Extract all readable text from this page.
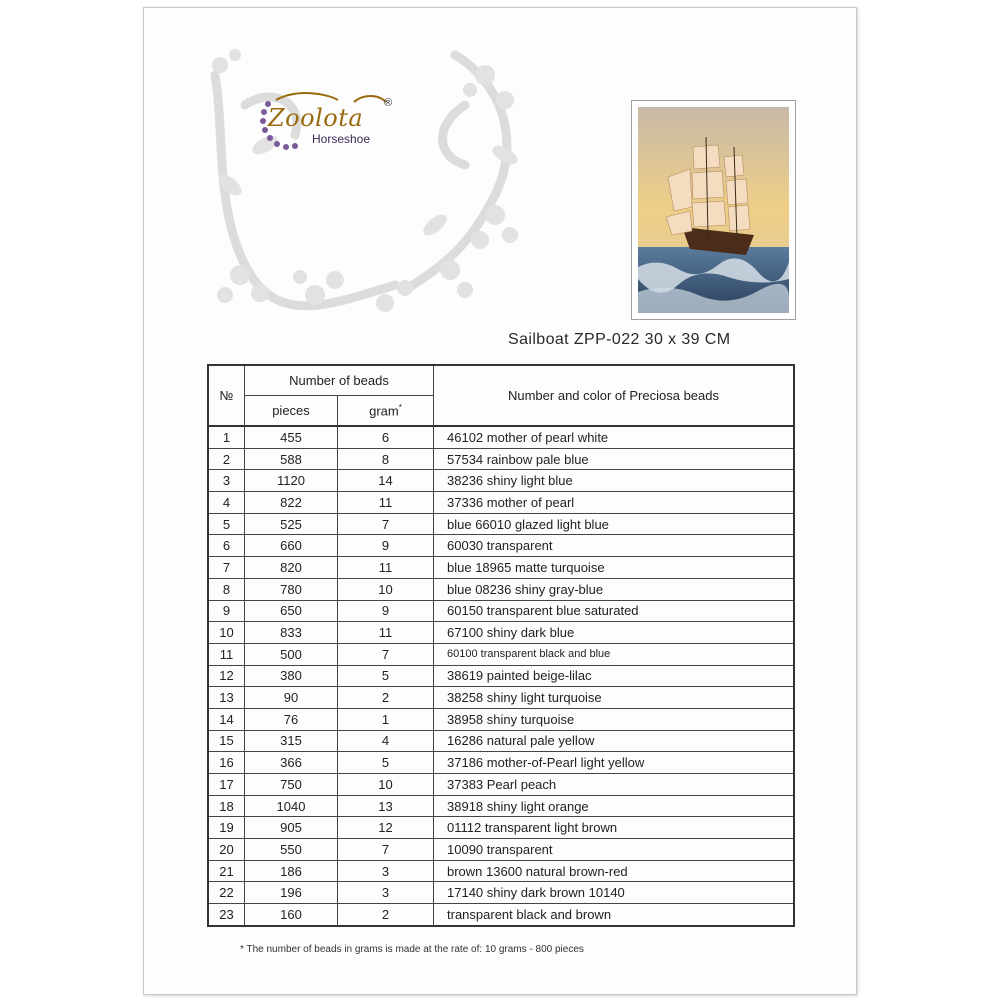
Zoolota
®
Horseshoe
Sailboat ZPP-022 30 x 39 CM
№	Number of beads		Number and color of Preciosa beads
	pieces	gram*
1	455	6	46102 mother of pearl white
2	588	8	57534 rainbow pale blue
3	1120	14	38236 shiny light blue
4	822	11	37336 mother of pearl
5	525	7	blue 66010 glazed light blue
6	660	9	60030 transparent
7	820	11	blue 18965 matte turquoise
8	780	10	blue 08236 shiny gray-blue
9	650	9	60150 transparent blue saturated
10	833	11	67100 shiny dark blue
11	500	7	60100 transparent black and blue
12	380	5	38619 painted beige-lilac
13	90	2	38258 shiny light turquoise
14	76	1	38958 shiny turquoise
15	315	4	16286 natural pale yellow
16	366	5	37186 mother-of-Pearl light yellow
17	750	10	37383 Pearl peach
18	1040	13	38918 shiny light orange
19	905	12	01112 transparent light brown
20	550	7	10090 transparent
21	186	3	brown 13600 natural brown-red
22	196	3	17140 shiny dark brown 10140
23	160	2	transparent black and brown
* The number of beads in grams is made at the rate of: 10 grams - 800 pieces
